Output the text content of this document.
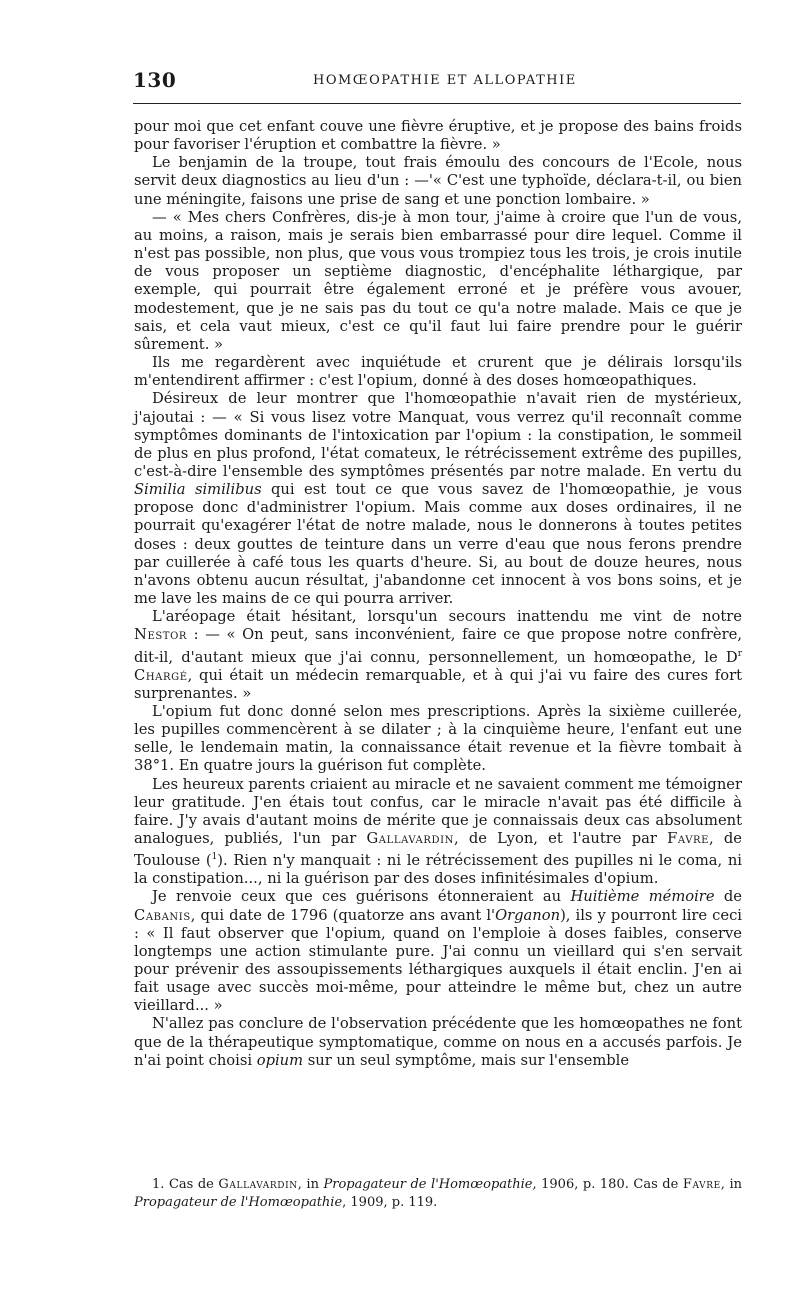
130	HOMŒOPATHIE ET ALLOPATHIE

pour moi que cet enfant couve une fièvre éruptive, et je propose des bains froids pour favoriser l'éruption et combattre la fièvre. »

Le benjamin de la troupe, tout frais émoulu des concours de l'Ecole, nous servit deux diagnostics au lieu d'un : —'« C'est une typhoïde, déclara-t-il, ou bien une méningite, faisons une prise de sang et une ponction lombaire. »

— « Mes chers Confrères, dis-je à mon tour, j'aime à croire que l'un de vous, au moins, a raison, mais je serais bien embarrassé pour dire lequel. Comme il n'est pas possible, non plus, que vous vous trompiez tous les trois, je crois inutile de vous proposer un septième diagnostic, d'encéphalite léthargique, par exemple, qui pourrait être également erroné et je préfère vous avouer, modestement, que je ne sais pas du tout ce qu'a notre malade. Mais ce que je sais, et cela vaut mieux, c'est ce qu'il faut lui faire prendre pour le guérir sûrement. »

Ils me regardèrent avec inquiétude et crurent que je délirais lorsqu'ils m'entendirent affirmer : c'est l'opium, donné à des doses homœopathiques.

Désireux de leur montrer que l'homœopathie n'avait rien de mystérieux, j'ajoutai : — « Si vous lisez votre Manquat, vous verrez qu'il reconnaît comme symptômes dominants de l'intoxication par l'opium : la constipation, le sommeil de plus en plus profond, l'état comateux, le rétrécissement extrême des pupilles, c'est-à-dire l'ensemble des symptômes présentés par notre malade. En vertu du Similia similibus qui est tout ce que vous savez de l'homœopathie, je vous propose donc d'administrer l'opium. Mais comme aux doses ordinaires, il ne pourrait qu'exagérer l'état de notre malade, nous le donnerons à toutes petites doses : deux gouttes de teinture dans un verre d'eau que nous ferons prendre par cuillerée à café tous les quarts d'heure. Si, au bout de douze heures, nous n'avons obtenu aucun résultat, j'abandonne cet innocent à vos bons soins, et je me lave les mains de ce qui pourra arriver.

L'aréopage était hésitant, lorsqu'un secours inattendu me vint de notre Nestor : — « On peut, sans inconvénient, faire ce que propose notre confrère, dit-il, d'autant mieux que j'ai connu, personnellement, un homœopathe, le $D^r$ Chargé, qui était un médecin remarquable, et à qui j'ai vu faire des cures fort surprenantes. »

L'opium fut donc donné selon mes prescriptions. Après la sixième cuillerée, les pupilles commencèrent à se dilater ; à la cinquième heure, l'enfant eut une selle, le lendemain matin, la connaissance était revenue et la fièvre tombait à 38°1. En quatre jours la guérison fut complète.

Les heureux parents criaient au miracle et ne savaient comment me témoigner leur gratitude. J'en étais tout confus, car le miracle n'avait pas été difficile à faire. J'y avais d'autant moins de mérite que je connaissais deux cas absolument analogues, publiés, l'un par Gallavardin, de Lyon, et l'autre par Favre, de Toulouse ($^1$). Rien n'y manquait : ni le rétrécissement des pupilles ni le coma, ni la constipation..., ni la guérison par des doses infinitésimales d'opium.

Je renvoie ceux que ces guérisons étonneraient au Huitième mémoire de Cabanis, qui date de 1796 (quatorze ans avant l'Organon), ils y pourront lire ceci : « Il faut observer que l'opium, quand on l'emploie à doses faibles, conserve longtemps une action stimulante pure. J'ai connu un vieillard qui s'en servait pour prévenir des assoupissements léthargiques auxquels il était enclin. J'en ai fait usage avec succès moi-même, pour atteindre le même but, chez un autre vieillard... »

N'allez pas conclure de l'observation précédente que les homœopathes ne font que de la thérapeutique symptomatique, comme on nous en a accusés parfois. Je n'ai point choisi opium sur un seul symptôme, mais sur l'ensemble

1. Cas de Gallavardin, in Propagateur de l'Homœopathie, 1906, p. 180. Cas de Favre, in Propagateur de l'Homœopathie, 1909, p. 119.
